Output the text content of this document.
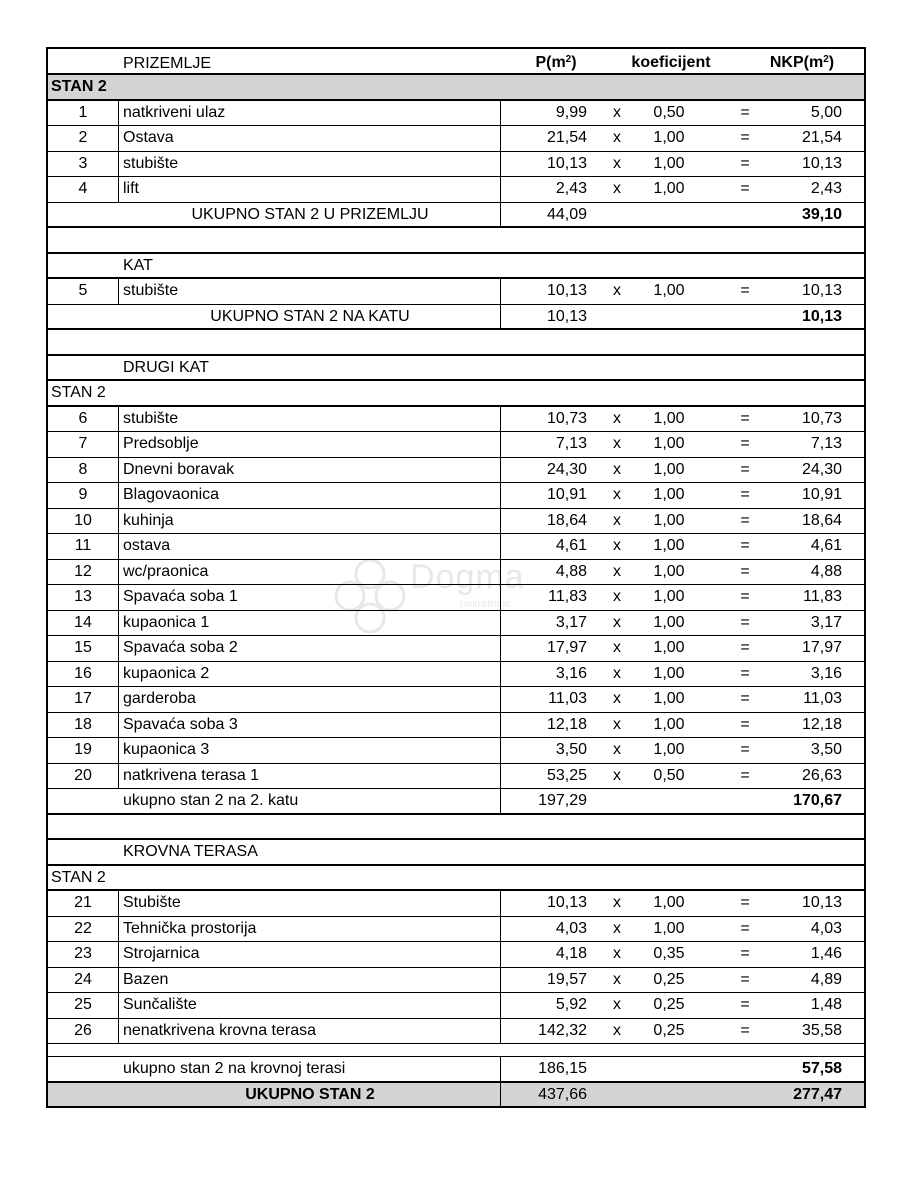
Dogma
nekretnine
PRIZEMLJE	$P(m^2)$	koeficijent	$NKP(m^2)$
STAN 2
1	natkriveni ulaz	9,99	x	0,50	=	5,00
2	Ostava	21,54	x	1,00	=	21,54
3	stubište	10,13	x	1,00	=	10,13
4	lift	2,43	x	1,00	=	2,43
UKUPNO STAN 2 U PRIZEMLJU	44,09	39,10
KAT
5	stubište	10,13	x	1,00	=	10,13
UKUPNO STAN 2 NA KATU	10,13	10,13
DRUGI KAT
STAN 2
6	stubište	10,73	x	1,00	=	10,73
7	Predsoblje	7,13	x	1,00	=	7,13
8	Dnevni boravak	24,30	x	1,00	=	24,30
9	Blagovaonica	10,91	x	1,00	=	10,91
10	kuhinja	18,64	x	1,00	=	18,64
11	ostava	4,61	x	1,00	=	4,61
12	wc/praonica	4,88	x	1,00	=	4,88
13	Spavaća soba 1	11,83	x	1,00	=	11,83
14	kupaonica 1	3,17	x	1,00	=	3,17
15	Spavaća soba 2	17,97	x	1,00	=	17,97
16	kupaonica 2	3,16	x	1,00	=	3,16
17	garderoba	11,03	x	1,00	=	11,03
18	Spavaća soba 3	12,18	x	1,00	=	12,18
19	kupaonica 3	3,50	x	1,00	=	3,50
20	natkrivena terasa 1	53,25	x	0,50	=	26,63
ukupno stan 2 na 2. katu	197,29	170,67
KROVNA TERASA
STAN 2
21	Stubište	10,13	x	1,00	=	10,13
22	Tehnička prostorija	4,03	x	1,00	=	4,03
23	Strojarnica	4,18	x	0,35	=	1,46
24	Bazen	19,57	x	0,25	=	4,89
25	Sunčalište	5,92	x	0,25	=	1,48
26	nenatkrivena krovna terasa	142,32	x	0,25	=	35,58
ukupno stan 2 na krovnoj terasi	186,15	57,58
UKUPNO STAN 2	437,66	277,47
